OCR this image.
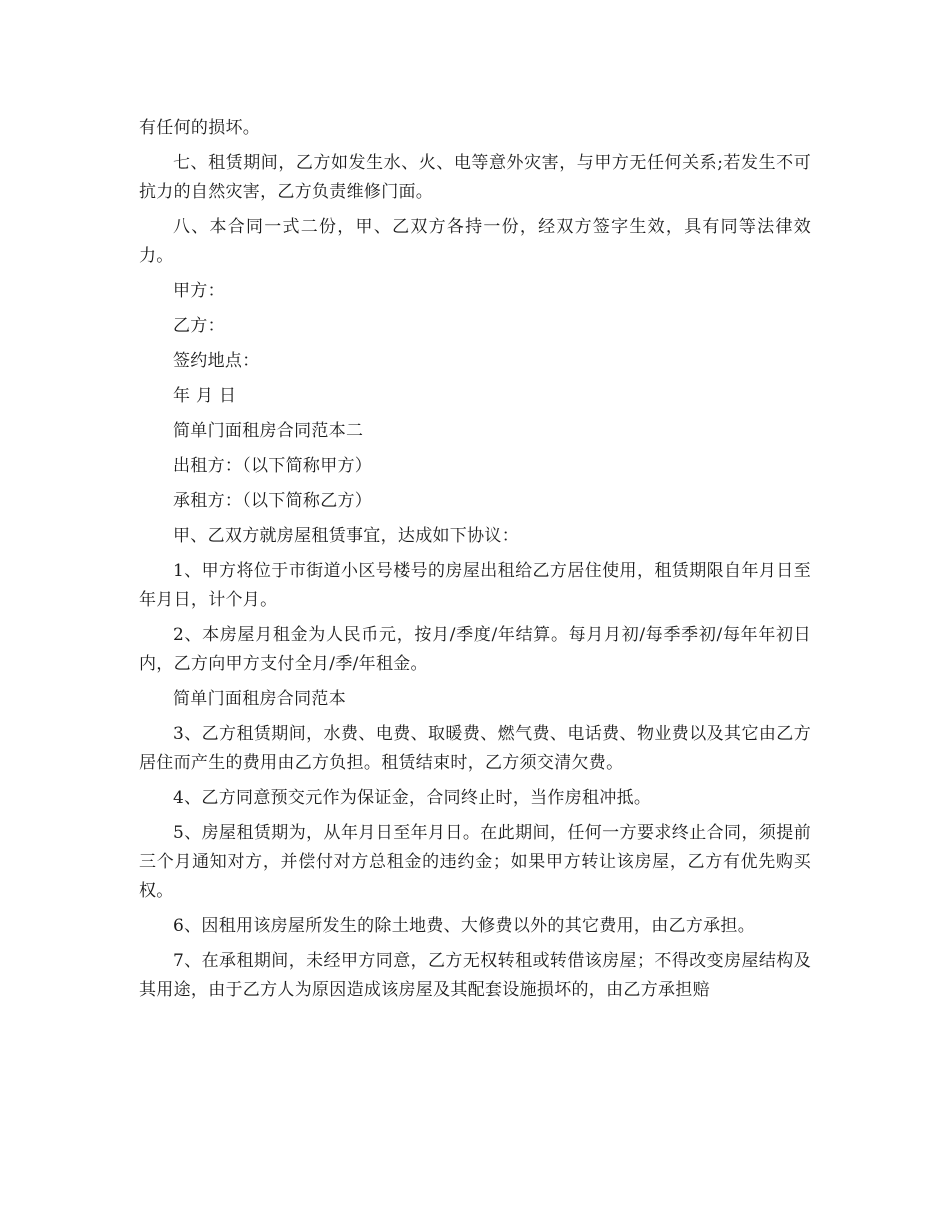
有任何的损坏。

七、租赁期间，乙方如发生水、火、电等意外灾害，与甲方无任何关系;若发生不可抗力的自然灾害，乙方负责维修门面。

八、本合同一式二份，甲、乙双方各持一份，经双方签字生效，具有同等法律效力。

甲方：

乙方：

签约地点：

年 月 日

简单门面租房合同范本二

出租方：（以下简称甲方）

承租方：（以下简称乙方）

甲、乙双方就房屋租赁事宜，达成如下协议：

1、甲方将位于市街道小区号楼号的房屋出租给乙方居住使用，租赁期限自年月日至年月日，计个月。

2、本房屋月租金为人民币元，按月/季度/年结算。每月月初/每季季初/每年年初日内，乙方向甲方支付全月/季/年租金。

简单门面租房合同范本

3、乙方租赁期间，水费、电费、取暖费、燃气费、电话费、物业费以及其它由乙方居住而产生的费用由乙方负担。租赁结束时，乙方须交清欠费。

4、乙方同意预交元作为保证金，合同终止时，当作房租冲抵。

5、房屋租赁期为，从年月日至年月日。在此期间，任何一方要求终止合同，须提前三个月通知对方，并偿付对方总租金的违约金；如果甲方转让该房屋，乙方有优先购买权。

6、因租用该房屋所发生的除土地费、大修费以外的其它费用，由乙方承担。

7、在承租期间，未经甲方同意，乙方无权转租或转借该房屋；不得改变房屋结构及其用途，由于乙方人为原因造成该房屋及其配套设施损坏的，由乙方承担赔
